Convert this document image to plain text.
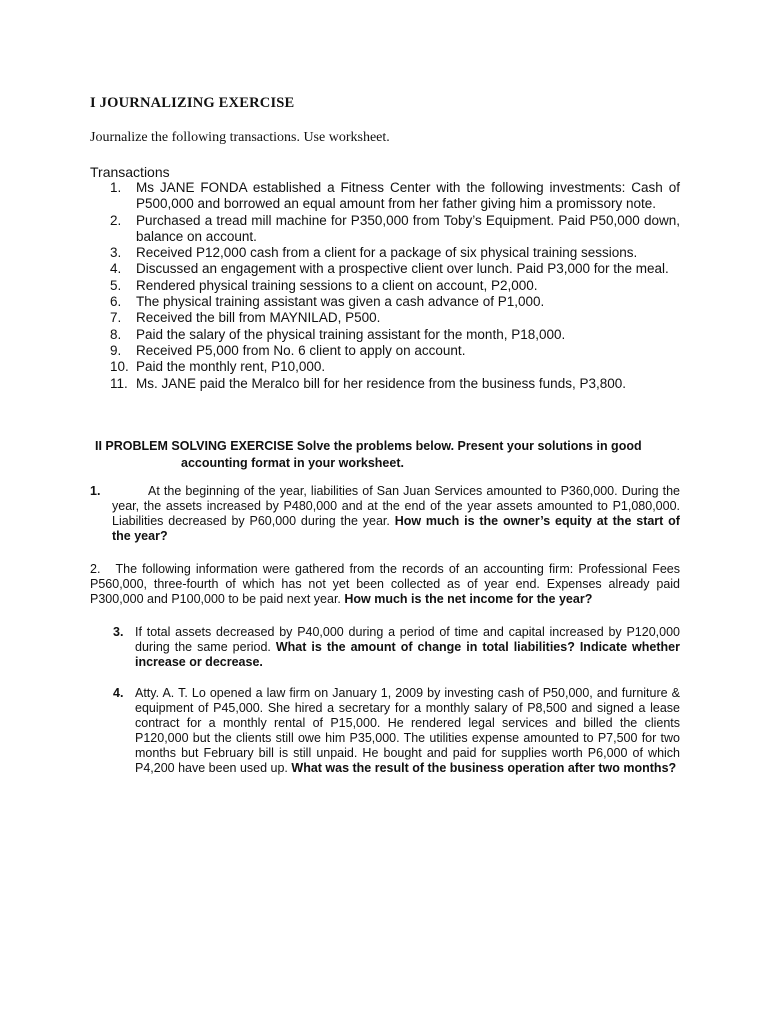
I JOURNALIZING EXERCISE
Journalize the following transactions. Use worksheet.
Transactions
1.	Ms JANE FONDA established a Fitness Center with the following investments: Cash of P500,000 and borrowed an equal amount from her father giving him a promissory note.
2.	Purchased a tread mill machine for P350,000 from Toby’s Equipment. Paid P50,000 down, balance on account.
3.	Received P12,000 cash from a client for a package of six physical training sessions.
4.	Discussed an engagement with a prospective client over lunch. Paid P3,000 for the meal.
5.	Rendered physical training sessions to a client on account, P2,000.
6.	The physical training assistant was given a cash advance of P1,000.
7.	Received the bill from MAYNILAD, P500.
8.	Paid the salary of the physical training assistant for the month, P18,000.
9.	Received P5,000 from No. 6 client to apply on account.
10. Paid the monthly rent, P10,000.
11. Ms. JANE paid the Meralco bill for her residence from the business funds, P3,800.
II PROBLEM SOLVING EXERCISE Solve the problems below. Present your solutions in good
accounting format in your worksheet.
1.	At the beginning of the year, liabilities of San Juan Services amounted to P360,000. During the year, the assets increased by P480,000 and at the end of the year assets amounted to P1,080,000. Liabilities decreased by P60,000 during the year. How much is the owner’s equity at the start of the year?
2. The following information were gathered from the records of an accounting firm: Professional Fees P560,000, three-fourth of which has not yet been collected as of year end. Expenses already paid P300,000 and P100,000 to be paid next year. How much is the net income for the year?
3. If total assets decreased by P40,000 during a period of time and capital increased by P120,000 during the same period. What is the amount of change in total liabilities? Indicate whether increase or decrease.
4. Atty. A. T. Lo opened a law firm on January 1, 2009 by investing cash of P50,000, and furniture & equipment of P45,000. She hired a secretary for a monthly salary of P8,500 and signed a lease contract for a monthly rental of P15,000. He rendered legal services and billed the clients P120,000 but the clients still owe him P35,000. The utilities expense amounted to P7,500 for two months but February bill is still unpaid. He bought and paid for supplies worth P6,000 of which P4,200 have been used up. What was the result of the business operation after two months?
